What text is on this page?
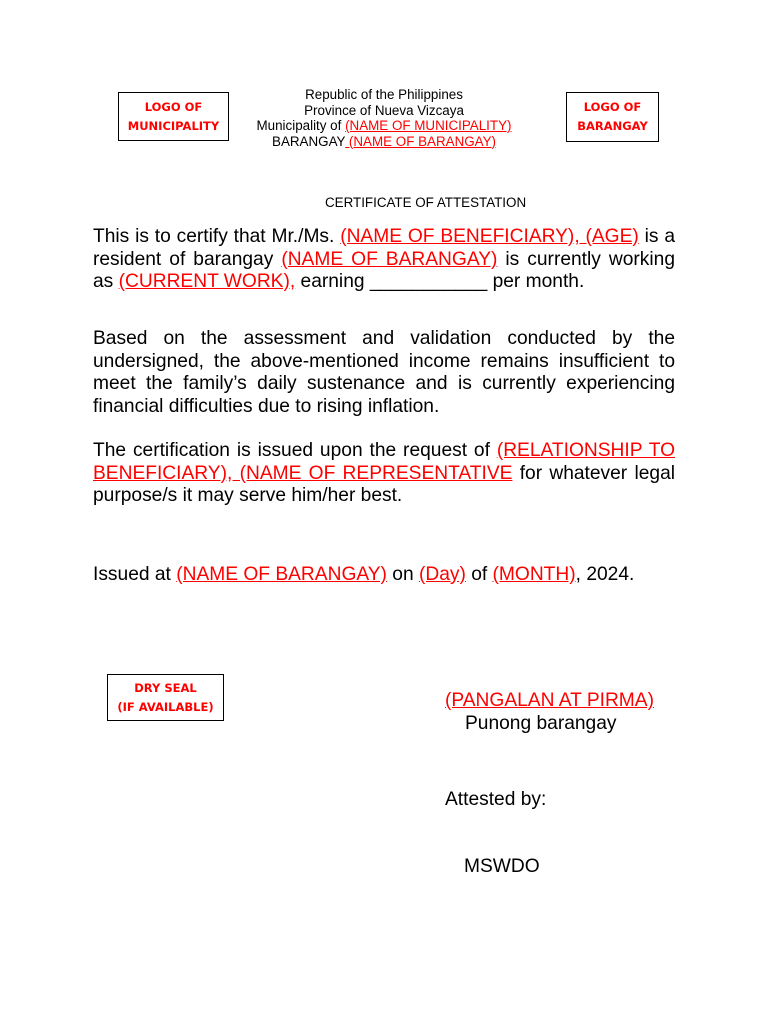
LOGO OF
MUNICIPALITY
Republic of the Philippines
Province of Nueva Vizcaya
Municipality of (NAME OF MUNICIPALITY)
BARANGAY (NAME OF BARANGAY)
LOGO OF
BARANGAY
CERTIFICATE OF ATTESTATION

This is to certify that Mr./Ms. (NAME OF BENEFICIARY), (AGE) is a resident of barangay (NAME OF BARANGAY) is currently working as (CURRENT WORK), earning ___________ per month.

Based on the assessment and validation conducted by the undersigned, the above-mentioned income remains insufficient to meet the family’s daily sustenance and is currently experiencing financial difficulties due to rising inflation.

The certification is issued upon the request of (RELATIONSHIP TO BENEFICIARY), (NAME OF REPRESENTATIVE for whatever legal purpose/s it may serve him/her best.

Issued at (NAME OF BARANGAY) on (Day) of (MONTH), 2024.

DRY SEAL
(IF AVAILABLE)	(PANGALAN AT PIRMA)
Punong barangay
Attested by:
MSWDO
